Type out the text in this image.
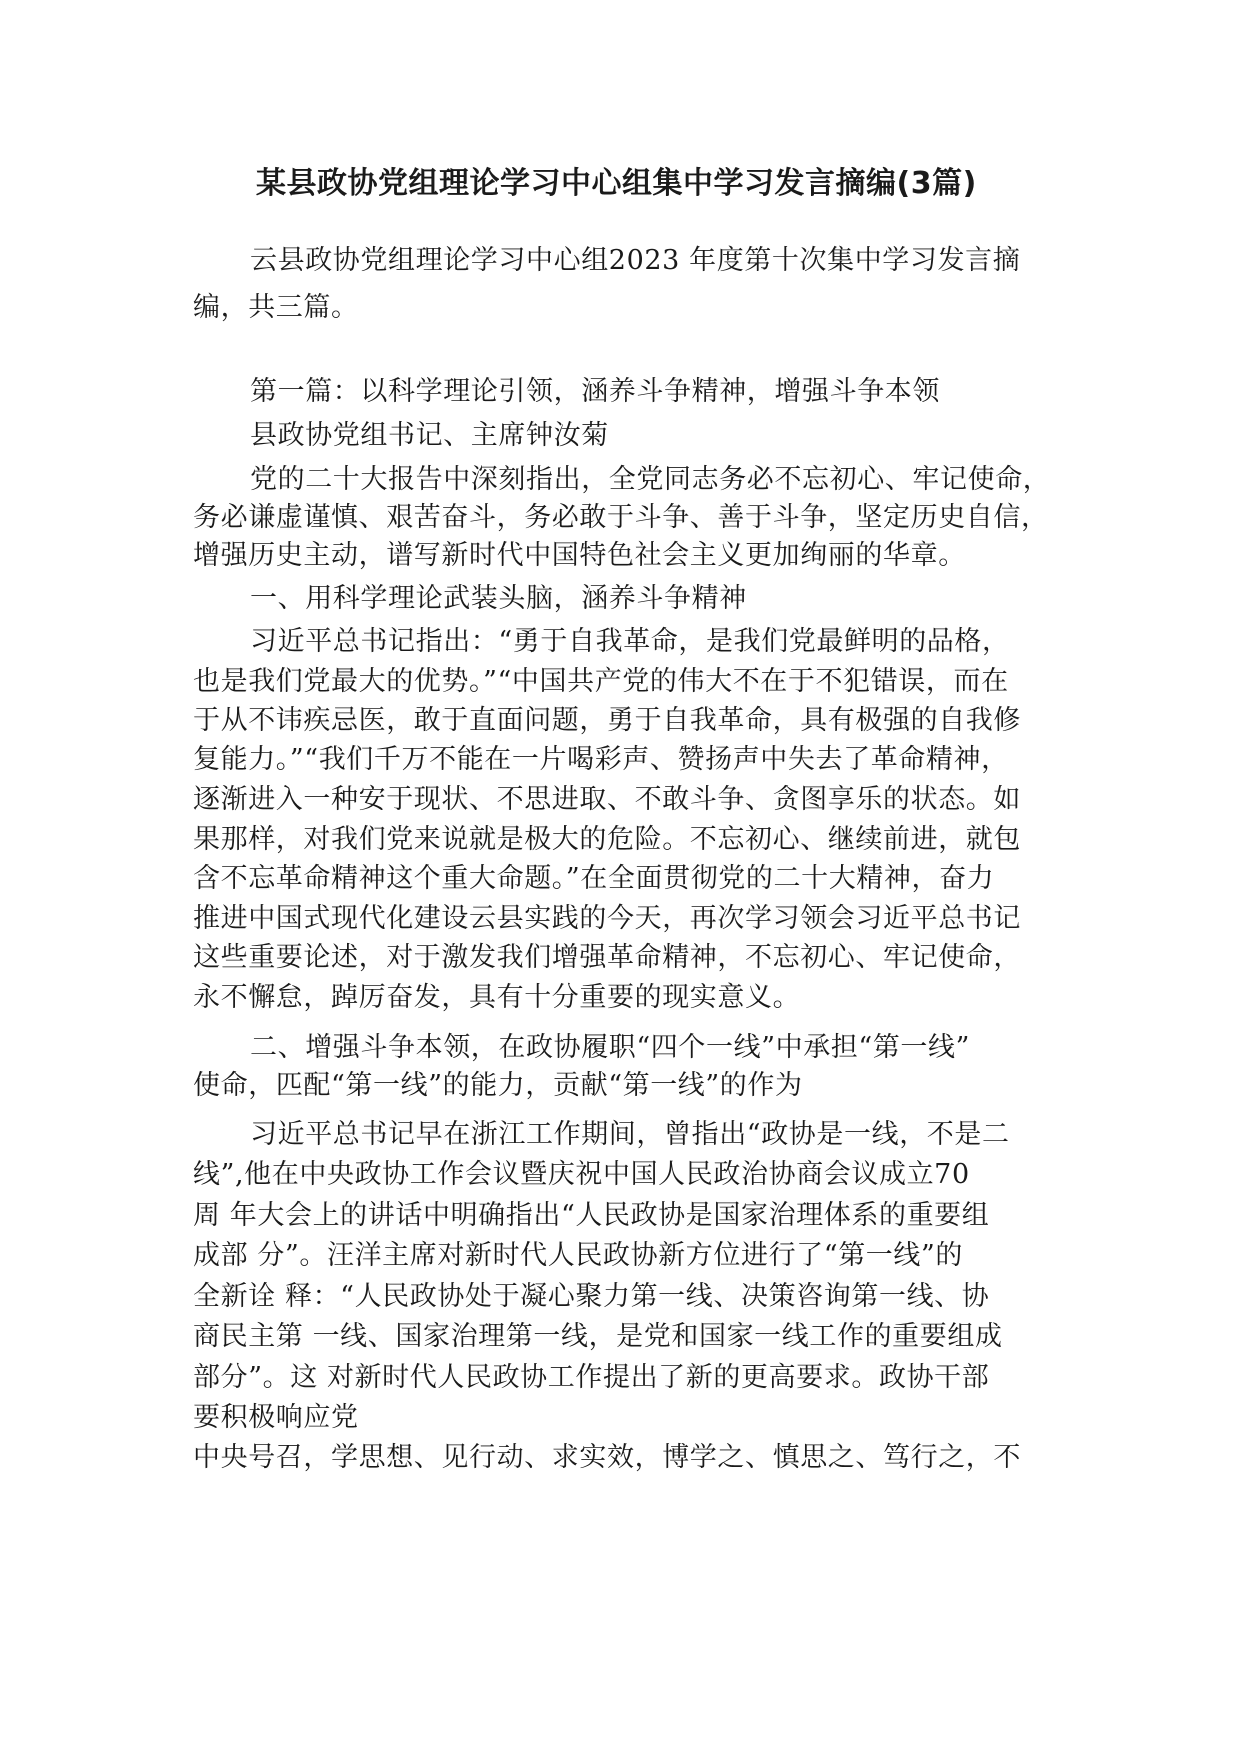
某县政协党组理论学习中心组集中学习发言摘编(3篇)
云县政协党组理论学习中心组2023 年度第十次集中学习发言摘
编，共三篇。
第一篇：以科学理论引领，涵养斗争精神，增强斗争本领
县政协党组书记、主席钟汝菊
党的二十大报告中深刻指出，全党同志务必不忘初心、牢记使命，
务必谦虚谨慎、艰苦奋斗，务必敢于斗争、善于斗争，坚定历史自信，
增强历史主动，谱写新时代中国特色社会主义更加绚丽的华章。
一、用科学理论武装头脑，涵养斗争精神
习近平总书记指出：“勇于自我革命，是我们党最鲜明的品格，
也是我们党最大的优势。”“中国共产党的伟大不在于不犯错误，而在
于从不讳疾忌医，敢于直面问题，勇于自我革命，具有极强的自我修
复能力。”“我们千万不能在一片喝彩声、赞扬声中失去了革命精神，
逐渐进入一种安于现状、不思进取、不敢斗争、贪图享乐的状态。如
果那样，对我们党来说就是极大的危险。不忘初心、继续前进，就包
含不忘革命精神这个重大命题。”在全面贯彻党的二十大精神，奋力
推进中国式现代化建设云县实践的今天，再次学习领会习近平总书记
这些重要论述，对于激发我们增强革命精神，不忘初心、牢记使命，
永不懈怠，踔厉奋发，具有十分重要的现实意义。
二、增强斗争本领，在政协履职“四个一线”中承担“第一线”
使命，匹配“第一线”的能力，贡献“第一线”的作为
习近平总书记早在浙江工作期间，曾指出“政协是一线，不是二
线”,他在中央政协工作会议暨庆祝中国人民政治协商会议成立70
周 年大会上的讲话中明确指出“人民政协是国家治理体系的重要组
成部 分”。汪洋主席对新时代人民政协新方位进行了“第一线”的
全新诠 释：“人民政协处于凝心聚力第一线、决策咨询第一线、协
商民主第 一线、国家治理第一线，是党和国家一线工作的重要组成
部分”。这 对新时代人民政协工作提出了新的更高要求。政协干部
要积极响应党
中央号召，学思想、见行动、求实效，博学之、慎思之、笃行之，不
